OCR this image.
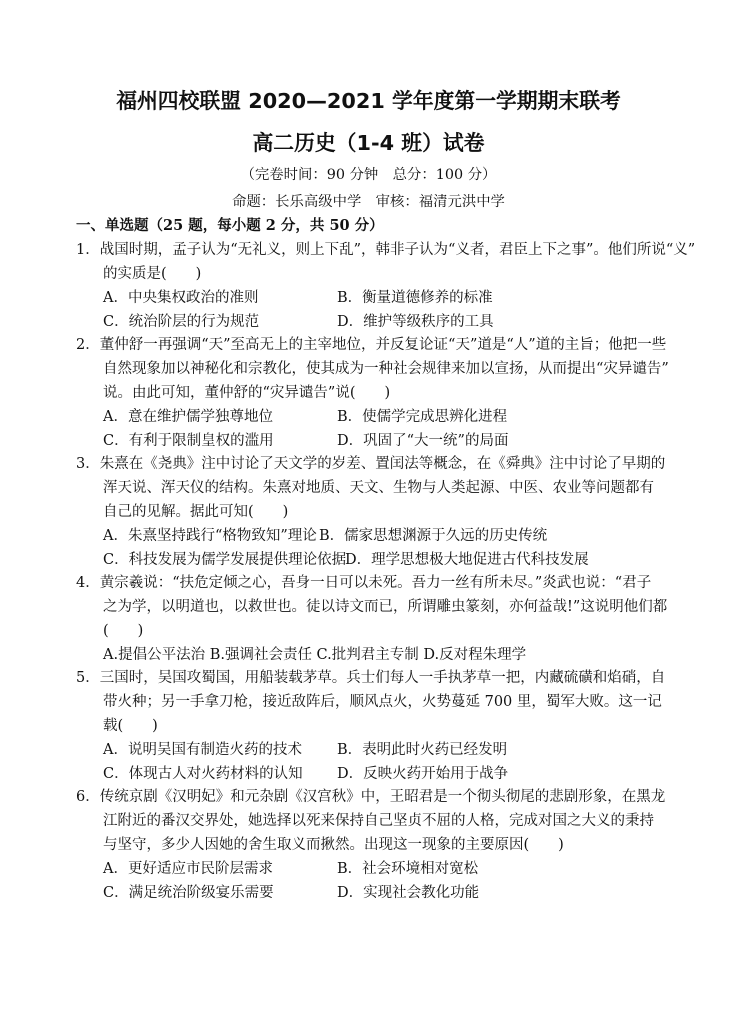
福州四校联盟 2020—2021 学年度第一学期期末联考
高二历史（1-4 班）试卷
（完卷时间：90 分钟　总分：100 分）
命题：长乐高级中学　审核：福清元洪中学
一、单选题（25 题，每小题 2 分，共 50 分）
1．战国时期，孟子认为“无礼义，则上下乱”，韩非子认为“义者，君臣上下之事”。他们所说“义”
的实质是(　　)
A．中央集权政治的准则	B．衡量道德修养的标准
C．统治阶层的行为规范	D．维护等级秩序的工具
2．董仲舒一再强调“天”至高无上的主宰地位，并反复论证“天”道是“人”道的主旨；他把一些
自然现象加以神秘化和宗教化，使其成为一种社会规律来加以宣扬，从而提出“灾异谴告”
说。由此可知，董仲舒的“灾异谴告”说(　　)
A．意在维护儒学独尊地位	B．使儒学完成思辨化进程
C．有利于限制皇权的滥用	D．巩固了“大一统”的局面
3．朱熹在《尧典》注中讨论了天文学的岁差、置闰法等概念，在《舜典》注中讨论了早期的
浑天说、浑天仪的结构。朱熹对地质、天文、生物与人类起源、中医、农业等问题都有
自己的见解。据此可知(　　)
A．朱熹坚持践行“格物致知”理论 B．儒家思想渊源于久远的历史传统
C．科技发展为儒学发展提供理论依据
D．理学思想极大地促进古代科技发展
4．黄宗羲说：“扶危定倾之心，吾身一日可以未死。吾力一丝有所未尽。”炎武也说：“君子
之为学，以明道也，以救世也。徒以诗文而已，所谓雕虫篆刻，亦何益哉!”这说明他们都
(　　)
A.提倡公平法治 B.强调社会责任 C.批判君主专制 D.反对程朱理学
5．三国时，吴国攻蜀国，用船装载茅草。兵士们每人一手执茅草一把，内藏硫磺和焰硝，自
带火种；另一手拿刀枪，接近敌阵后，顺风点火，火势蔓延 700 里，蜀军大败。这一记
载(　　)
A．说明吴国有制造火药的技术 B．表明此时火药已经发明
C．体现古人对火药材料的认知 D．反映火药开始用于战争
6．传统京剧《汉明妃》和元杂剧《汉宫秋》中，王昭君是一个彻头彻尾的悲剧形象，在黑龙
江附近的番汉交界处，她选择以死来保持自己坚贞不屈的人格，完成对国之大义的秉持
与坚守，多少人因她的舍生取义而揪然。出现这一现象的主要原因(　　)
A．更好适应市民阶层需求	B．社会环境相对宽松
C．满足统治阶级宴乐需要	D．实现社会教化功能
